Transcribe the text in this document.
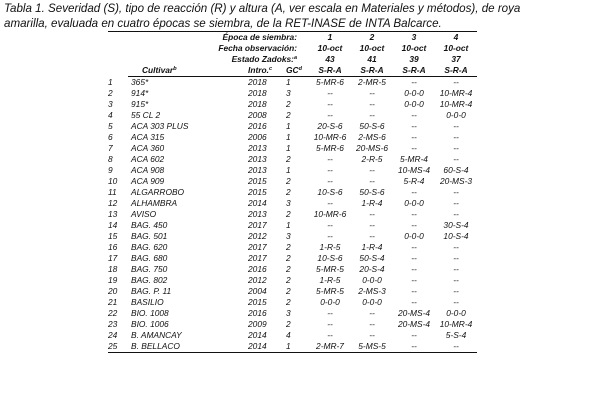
Tabla 1. Severidad (S), tipo de reacción (R) y altura (A, ver escala en Materiales y métodos), de roya
amarilla, evaluada en cuatro épocas se siembra, de la RET-INASE de INTA Balcarce.
	Época de siembra:			1	2	3	4
	Fecha observación:			10-oct	10-oct	10-oct	10-oct
	Estado Zadoks:$^a$			43	41	39	37
	Cultivar$^b$	Intro.$^c$	$GC^d$	S-R-A	S-R-A	S-R-A	S-R-A
1	365*	2018	1	5-MR-6	2-MR-5	--	--
2	914*	2018	3	--	--	0-0-0	10-MR-4
3	915*	2018	2	--	--	0-0-0	10-MR-4
4	55 CL 2	2008	2	--	--	--	0-0-0
5	ACA 303 PLUS	2016	1	20-S-6	50-S-6	--	--
6	ACA 315	2006	1	10-MR-6	2-MS-6	--	--
7	ACA 360	2013	1	5-MR-6	20-MS-6	--	--
8	ACA 602	2013	2	--	2-R-5	5-MR-4	--
9	ACA 908	2013	1	--	--	10-MS-4	60-S-4
10	ACA 909	2015	2	--	--	5-R-4	20-MS-3
11	ALGARROBO	2015	2	10-S-6	50-S-6	--	--
12	ALHAMBRA	2014	3	--	1-R-4	0-0-0	--
13	AVISO	2013	2	10-MR-6	--	--	--
14	BAG. 450	2017	1	--	--	--	30-S-4
15	BAG. 501	2012	3	--	--	0-0-0	10-S-4
16	BAG. 620	2017	2	1-R-5	1-R-4	--	--
17	BAG. 680	2017	2	10-S-6	50-S-4	--	--
18	BAG. 750	2016	2	5-MR-5	20-S-4	--	--
19	BAG. 802	2012	2	1-R-5	0-0-0	--	--
20	BAG. P. 11	2004	2	5-MR-5	2-MS-3	--	--
21	BASILIO	2015	2	0-0-0	0-0-0	--	--
22	BIO. 1008	2016	3	--	--	20-MS-4	0-0-0
23	BIO. 1006	2009	2	--	--	20-MS-4	10-MR-4
24	B. AMANCAY	2014	4	--	--	--	5-S-4
25	B. BELLACO	2014	1	2-MR-7	5-MS-5	--	--
